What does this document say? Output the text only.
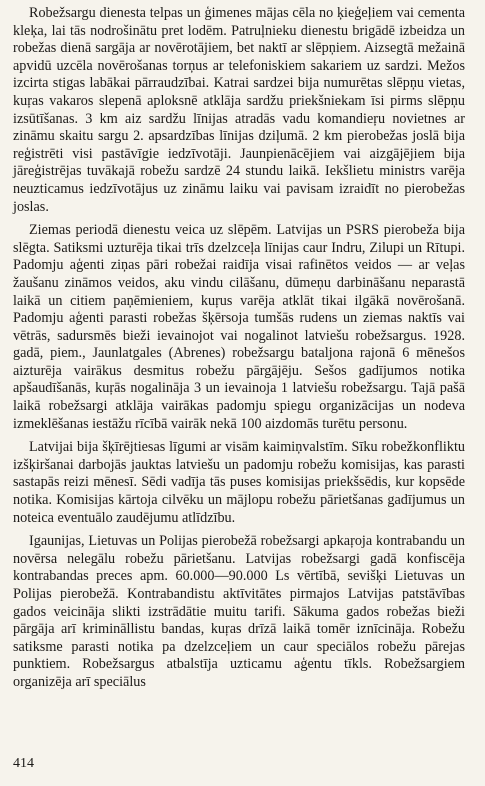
Robežsargu dienesta telpas un ģimenes mājas cēla no ķieģeļiem vai cementa kleķa, lai tās nodrošinātu pret lodēm. Patruļnieku dienestu brigādē izbeidza un robežas dienā sargāja ar novērotājiem, bet naktī ar slēpņiem. Aizsegtā mežainā apvidū uzcēla novērošanas torņus ar telefoniskiem sakariem uz sardzi. Mežos izcirta stigas labākai pārraudzībai. Katrai sardzei bija numurētas slēpņu vietas, kuŗas vakaros slepenā aploksnē atklāja sardžu priekšniekam īsi pirms slēpņu izsūtīšanas. 3 km aiz sardžu līnijas atradās vadu komandieŗu novietnes ar zināmu skaitu sargu 2. apsardzības līnijas dziļumā. 2 km pierobežas joslā bija reģistrēti visi pastāvīgie iedzīvotāji. Jaunpienācējiem vai aizgājējiem bija jāreģistrējas tuvākajā robežu sardzē 24 stundu laikā. Iekšlietu ministrs varēja neuzticamus iedzīvotājus uz zināmu laiku vai pavisam izraidīt no pierobežas joslas.

Ziemas periodā dienestu veica uz slēpēm. Latvijas un PSRS pierobeža bija slēgta. Satiksmi uzturēja tikai trīs dzelzceļa līnijas caur Indru, Zilupi un Rītupi. Padomju aģenti ziņas pāri robežai raidīja visai rafinētos veidos — ar veļas žaušanu zināmos veidos, aku vindu cilāšanu, dūmeņu darbināšanu neparastā laikā un citiem paņēmieniem, kuŗus varēja atklāt tikai ilgākā novērošanā. Padomju aģenti parasti robežas šķērsoja tumšās rudens un ziemas naktīs vai vētrās, sadursmēs bieži ievainojot vai nogalinot latviešu robežsargus. 1928. gadā, piem., Jaunlatgales (Abrenes) robežsargu bataljona rajonā 6 mēnešos aizturēja vairākus desmitus robežu pārgājēju. Sešos gadījumos notika apšaudīšanās, kuŗās nogalināja 3 un ievainoja 1 latviešu robežsargu. Tajā pašā laikā robežsargi atklāja vairākas padomju spiegu organizācijas un nodeva izmeklēšanas iestāžu rīcībā vairāk nekā 100 aizdomās turētu personu.

Latvijai bija šķīrējtiesas līgumi ar visām kaimiņvalstīm. Sīku robežkonfliktu izšķiršanai darbojās jauktas latviešu un padomju robežu komisijas, kas parasti sastapās reizi mēnesī. Sēdi vadīja tās puses komisijas priekšsēdis, kur kopsēde notika. Komisijas kārtoja cilvēku un mājlopu robežu pārietšanas gadījumus un noteica eventuālo zaudējumu atlīdzību.

Igaunijas, Lietuvas un Polijas pierobežā robežsargi apkaŗoja kontrabandu un novērsa nelegālu robežu pārietšanu. Latvijas robežsargi gadā konfiscēja kontrabandas preces apm. 60.000—90.000 Ls vērtībā, sevišķi Lietuvas un Polijas pierobežā. Kontrabandistu aktīvitātes pirmajos Latvijas patstāvības gados veicināja slikti izstrādātie muitu tarifi. Sākuma gados robežas bieži pārgāja arī krimināllistu bandas, kuŗas drīzā laikā tomēr iznīcināja. Robežu satiksme parasti notika pa dzelzceļiem un caur speciālos robežu pārejas punktiem. Robežsargus atbalstīja uzticamu aģentu tīkls. Robežsargiem organizēja arī speciālus

414
